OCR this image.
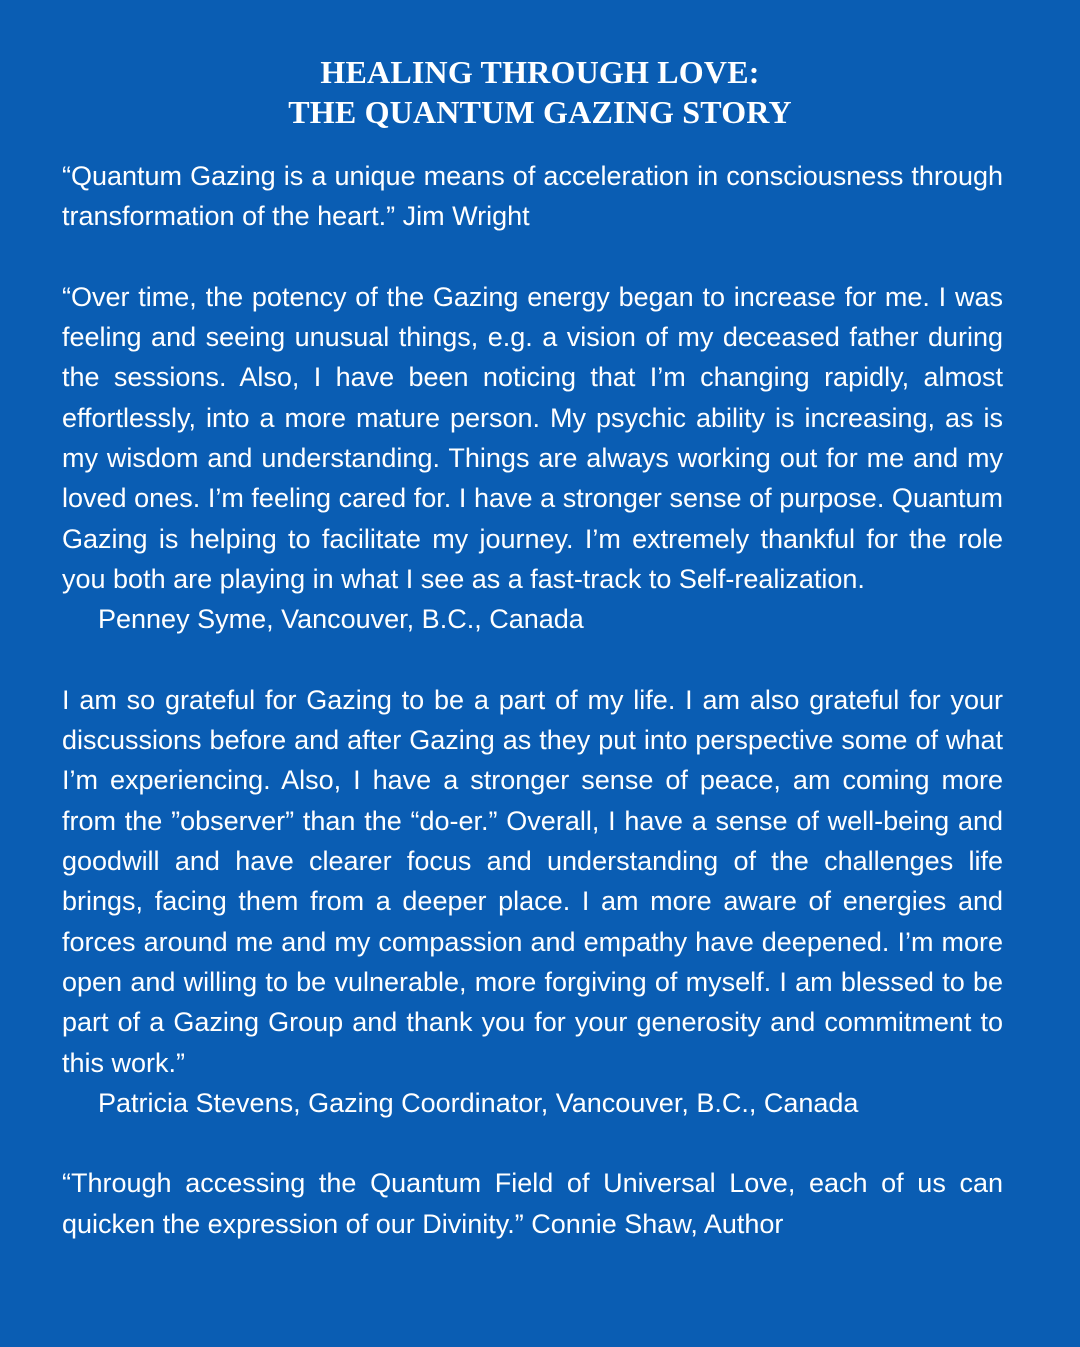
HEALING THROUGH LOVE:
THE QUANTUM GAZING STORY

“Quantum Gazing is a unique means of acceleration in consciousness through transformation of the heart.” Jim Wright

“Over time, the potency of the Gazing energy began to increase for me. I was feeling and seeing unusual things, e.g. a vision of my deceased father during the sessions. Also, I have been noticing that I’m changing rapidly, almost effortlessly, into a more mature person. My psychic ability is increasing, as is my wisdom and understanding. Things are always working out for me and my loved ones. I’m feeling cared for. I have a stronger sense of purpose. Quantum Gazing is helping to facilitate my journey. I’m extremely thankful for the role you both are playing in what I see as a fast-track to Self-realization.

Penney Syme, Vancouver, B.C., Canada

I am so grateful for Gazing to be a part of my life. I am also grateful for your discussions before and after Gazing as they put into perspective some of what I’m experiencing. Also, I have a stronger sense of peace, am coming more from the ”observer” than the “do-er.” Overall, I have a sense of well-being and goodwill and have clearer focus and understanding of the challenges life brings, facing them from a deeper place. I am more aware of energies and forces around me and my compassion and empathy have deepened. I’m more open and willing to be vulnerable, more forgiving of myself. I am blessed to be part of a Gazing Group and thank you for your generosity and commitment to this work.”

Patricia Stevens, Gazing Coordinator, Vancouver, B.C., Canada

“Through accessing the Quantum Field of Universal Love, each of us can quicken the expression of our Divinity.” Connie Shaw, Author
